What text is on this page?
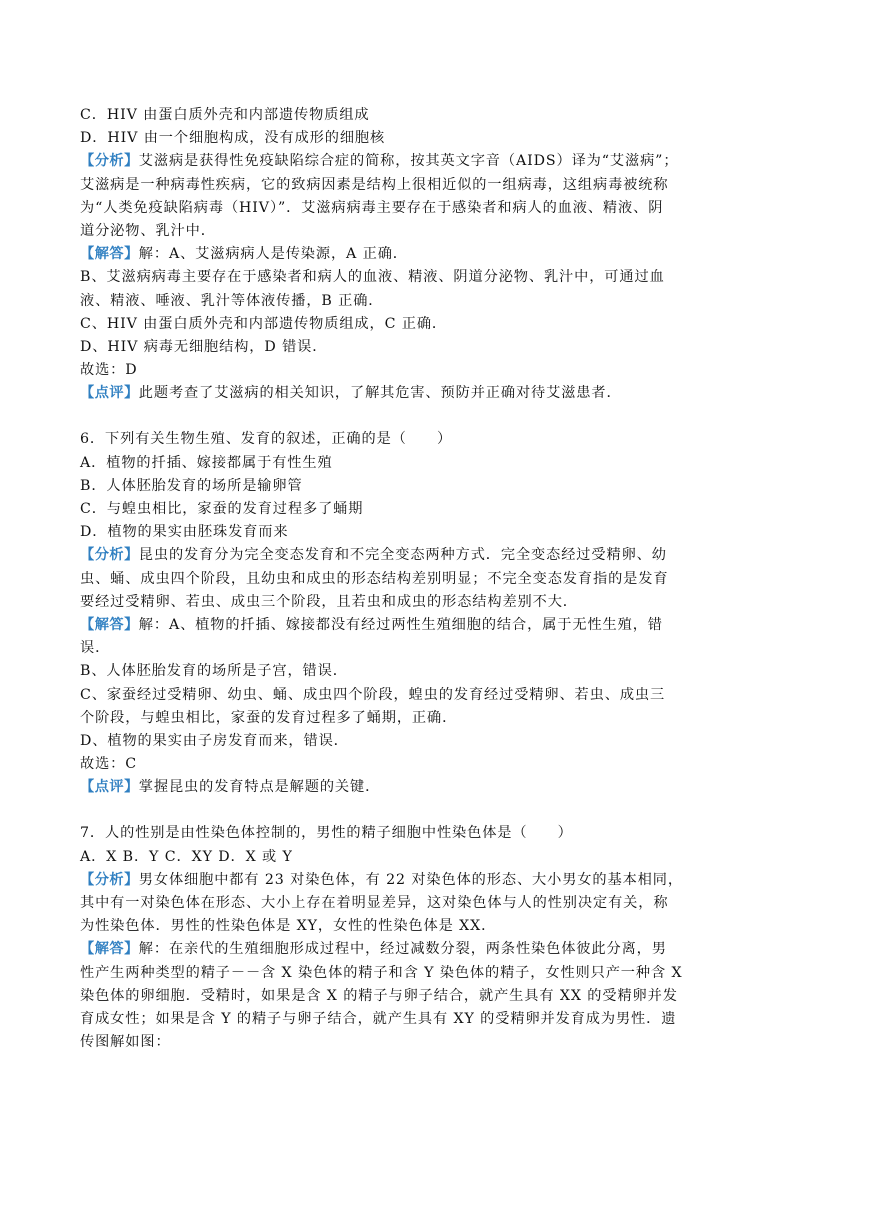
C．HIV 由蛋白质外壳和内部遗传物质组成
D．HIV 由一个细胞构成，没有成形的细胞核
【分析】艾滋病是获得性免疫缺陷综合症的简称，按其英文字音（AIDS）译为“艾滋病”；
艾滋病是一种病毒性疾病，它的致病因素是结构上很相近似的一组病毒，这组病毒被统称
为“人类免疫缺陷病毒（HIV）”．艾滋病病毒主要存在于感染者和病人的血液、精液、阴
道分泌物、乳汁中．
【解答】解：A、艾滋病病人是传染源，A 正确．
B、艾滋病病毒主要存在于感染者和病人的血液、精液、阴道分泌物、乳汁中，可通过血
液、精液、唾液、乳汁等体液传播，B 正确．
C、HIV 由蛋白质外壳和内部遗传物质组成，C 正确．
D、HIV 病毒无细胞结构，D 错误．
故选：D
【点评】此题考查了艾滋病的相关知识，了解其危害、预防并正确对待艾滋患者．
6．下列有关生物生殖、发育的叙述，正确的是（　　）
A．植物的扦插、嫁接都属于有性生殖
B．人体胚胎发育的场所是输卵管
C．与蝗虫相比，家蚕的发育过程多了蛹期
D．植物的果实由胚珠发育而来
【分析】昆虫的发育分为完全变态发育和不完全变态两种方式．完全变态经过受精卵、幼
虫、蛹、成虫四个阶段，且幼虫和成虫的形态结构差别明显；不完全变态发育指的是发育
要经过受精卵、若虫、成虫三个阶段，且若虫和成虫的形态结构差别不大．
【解答】解：A、植物的扦插、嫁接都没有经过两性生殖细胞的结合，属于无性生殖，错
误．
B、人体胚胎发育的场所是子宫，错误．
C、家蚕经过受精卵、幼虫、蛹、成虫四个阶段，蝗虫的发育经过受精卵、若虫、成虫三
个阶段，与蝗虫相比，家蚕的发育过程多了蛹期，正确．
D、植物的果实由子房发育而来，错误．
故选：C
【点评】掌握昆虫的发育特点是解题的关键．
7．人的性别是由性染色体控制的，男性的精子细胞中性染色体是（　　）
A．X B．Y C．XY D．X 或 Y
【分析】男女体细胞中都有 23 对染色体，有 22 对染色体的形态、大小男女的基本相同，
其中有一对染色体在形态、大小上存在着明显差异，这对染色体与人的性别决定有关，称
为性染色体．男性的性染色体是 XY，女性的性染色体是 XX．
【解答】解：在亲代的生殖细胞形成过程中，经过减数分裂，两条性染色体彼此分离，男
性产生两种类型的精子－－含 X 染色体的精子和含 Y 染色体的精子，女性则只产一种含 X
染色体的卵细胞．受精时，如果是含 X 的精子与卵子结合，就产生具有 XX 的受精卵并发
育成女性；如果是含 Y 的精子与卵子结合，就产生具有 XY 的受精卵并发育成为男性．遗
传图解如图：
